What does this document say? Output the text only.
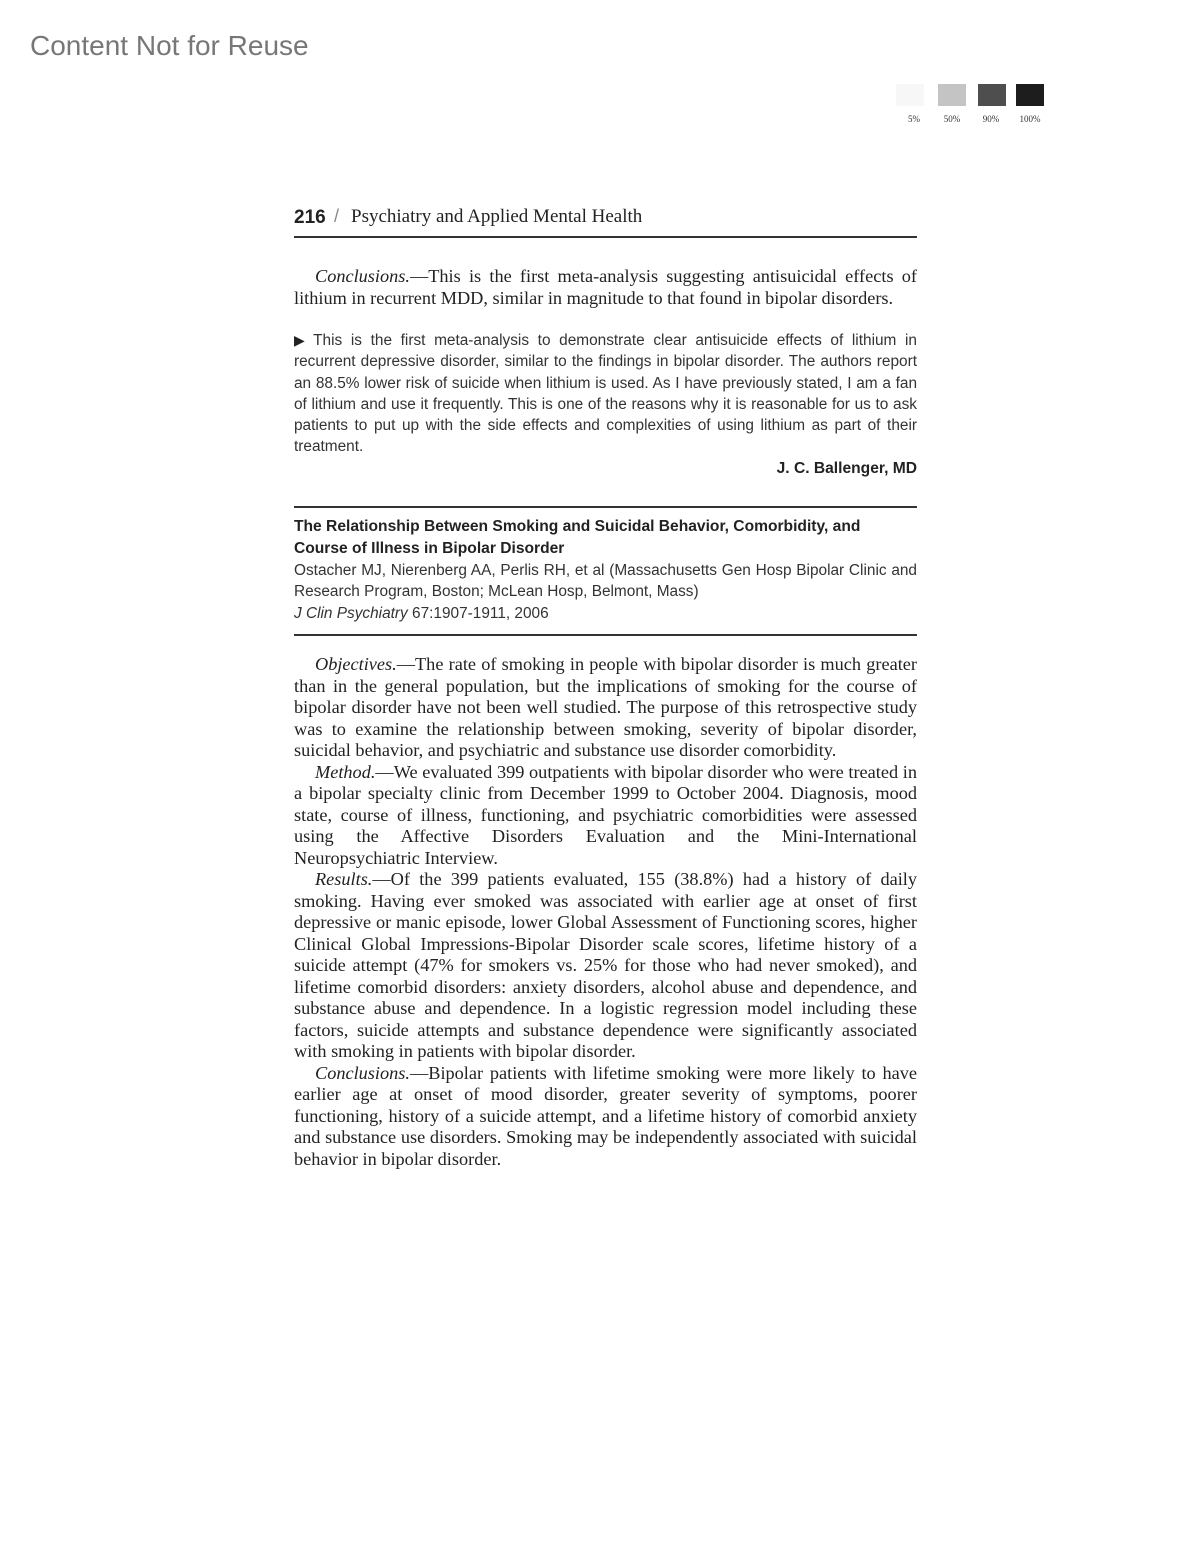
Content Not for Reuse
5%	50%	90%	100%
216 / Psychiatry and Applied Mental Health

Conclusions.—This is the first meta-analysis suggesting antisuicidal effects of lithium in recurrent MDD, similar in magnitude to that found in bipolar disorders.

▶ This is the first meta-analysis to demonstrate clear antisuicide effects of lithium in recurrent depressive disorder, similar to the findings in bipolar disorder. The authors report an 88.5% lower risk of suicide when lithium is used. As I have previously stated, I am a fan of lithium and use it frequently. This is one of the reasons why it is reasonable for us to ask patients to put up with the side effects and complexities of using lithium as part of their treatment.
J. C. Ballenger, MD

The Relationship Between Smoking and Suicidal Behavior, Comorbidity, and Course of Illness in Bipolar Disorder

Ostacher MJ, Nierenberg AA, Perlis RH, et al (Massachusetts Gen Hosp Bipolar Clinic and Research Program, Boston; McLean Hosp, Belmont, Mass)

J Clin Psychiatry 67:1907-1911, 2006

Objectives.—The rate of smoking in people with bipolar disorder is much greater than in the general population, but the implications of smoking for the course of bipolar disorder have not been well studied. The purpose of this retrospective study was to examine the relationship between smoking, severity of bipolar disorder, suicidal behavior, and psychiatric and substance use disorder comorbidity.

Method.—We evaluated 399 outpatients with bipolar disorder who were treated in a bipolar specialty clinic from December 1999 to October 2004. Diagnosis, mood state, course of illness, functioning, and psychiatric comorbidities were assessed using the Affective Disorders Evaluation and the Mini-International Neuropsychiatric Interview.

Results.—Of the 399 patients evaluated, 155 (38.8%) had a history of daily smoking. Having ever smoked was associated with earlier age at onset of first depressive or manic episode, lower Global Assessment of Functioning scores, higher Clinical Global Impressions-Bipolar Disorder scale scores, lifetime history of a suicide attempt (47% for smokers vs. 25% for those who had never smoked), and lifetime comorbid disorders: anxiety disorders, alcohol abuse and dependence, and substance abuse and dependence. In a logistic regression model including these factors, suicide attempts and substance dependence were significantly associated with smoking in patients with bipolar disorder.

Conclusions.—Bipolar patients with lifetime smoking were more likely to have earlier age at onset of mood disorder, greater severity of symptoms, poorer functioning, history of a suicide attempt, and a lifetime history of comorbid anxiety and substance use disorders. Smoking may be independently associated with suicidal behavior in bipolar disorder.
